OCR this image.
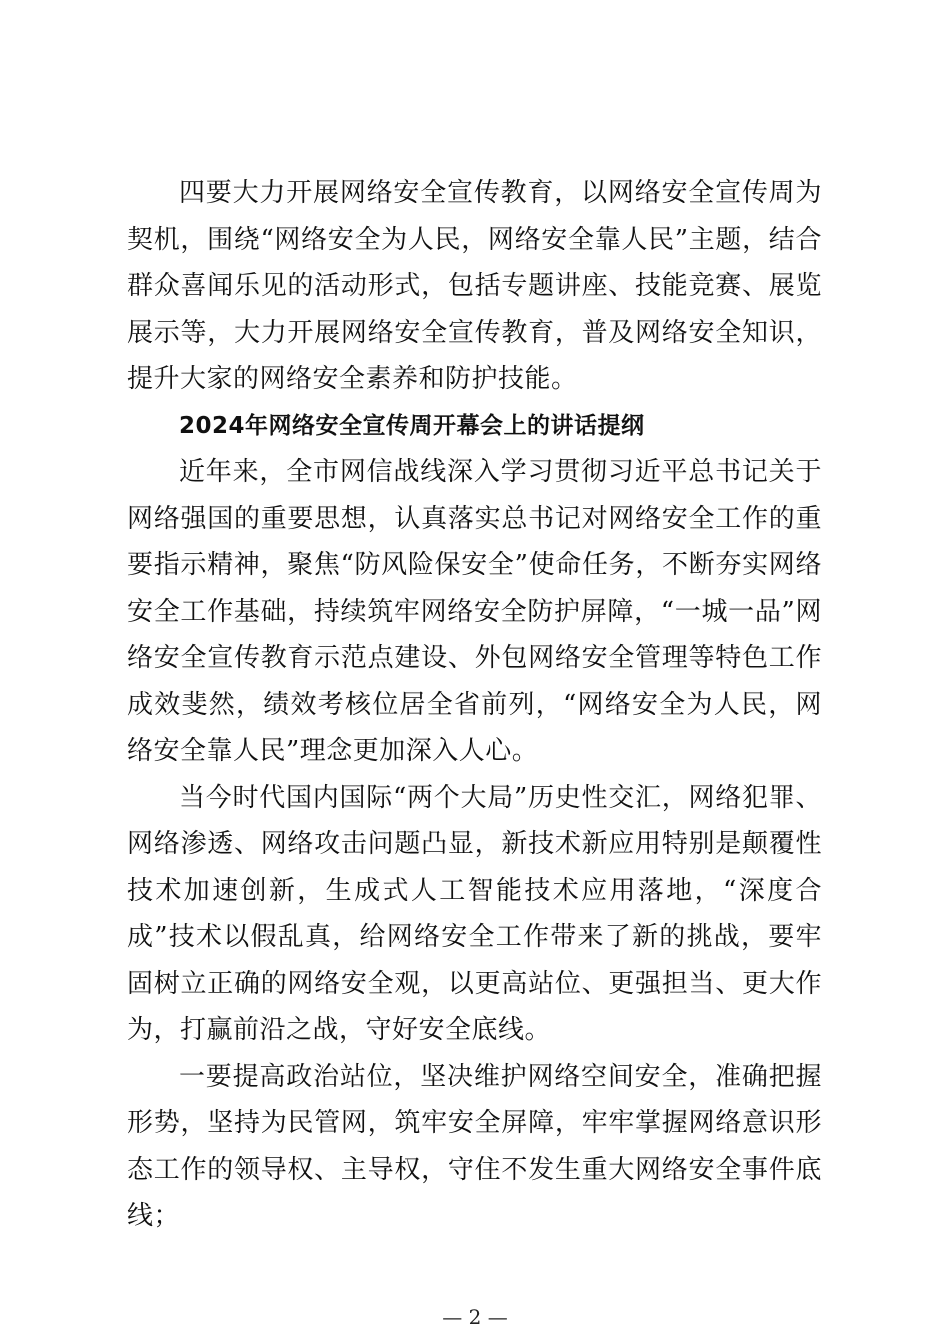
四要大力开展网络安全宣传教育，以网络安全宣传周为契机，围绕“网络安全为人民，网络安全靠人民”主题，结合群众喜闻乐见的活动形式，包括专题讲座、技能竞赛、展览展示等，大力开展网络安全宣传教育，普及网络安全知识，提升大家的网络安全素养和防护技能。

2024年网络安全宣传周开幕会上的讲话提纲

近年来，全市网信战线深入学习贯彻习近平总书记关于网络强国的重要思想，认真落实总书记对网络安全工作的重要指示精神，聚焦“防风险保安全”使命任务，不断夯实网络安全工作基础，持续筑牢网络安全防护屏障，“一城一品”网络安全宣传教育示范点建设、外包网络安全管理等特色工作成效斐然，绩效考核位居全省前列，“网络安全为人民，网络安全靠人民”理念更加深入人心。

当今时代国内国际“两个大局”历史性交汇，网络犯罪、网络渗透、网络攻击问题凸显，新技术新应用特别是颠覆性技术加速创新，生成式人工智能技术应用落地，“深度合成”技术以假乱真，给网络安全工作带来了新的挑战，要牢固树立正确的网络安全观，以更高站位、更强担当、更大作为，打赢前沿之战，守好安全底线。

一要提高政治站位，坚决维护网络空间安全，准确把握形势，坚持为民管网，筑牢安全屏障，牢牢掌握网络意识形态工作的领导权、主导权，守住不发生重大网络安全事件底线；

— 2 —
